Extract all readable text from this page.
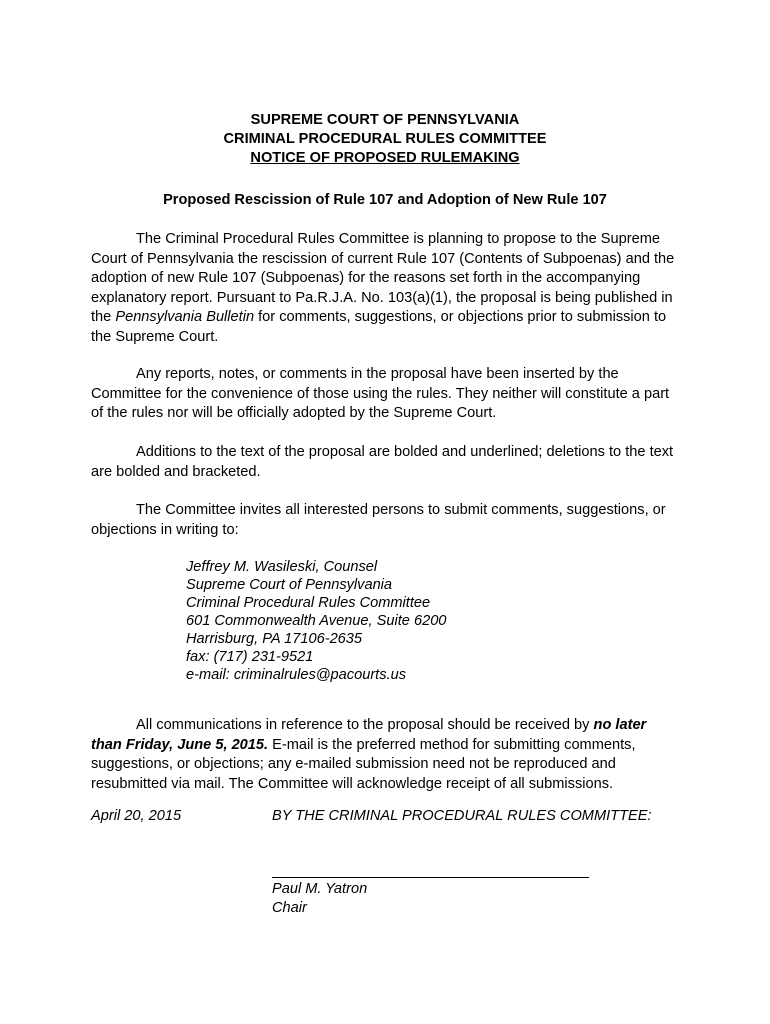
SUPREME COURT OF PENNSYLVANIA
CRIMINAL PROCEDURAL RULES COMMITTEE
NOTICE OF PROPOSED RULEMAKING
Proposed Rescission of Rule 107 and Adoption of New Rule 107

The Criminal Procedural Rules Committee is planning to propose to the Supreme Court of Pennsylvania the rescission of current Rule 107 (Contents of Subpoenas) and the adoption of new Rule 107 (Subpoenas) for the reasons set forth in the accompanying explanatory report. Pursuant to Pa.R.J.A. No. 103(a)(1), the proposal is being published in the Pennsylvania Bulletin for comments, suggestions, or objections prior to submission to the Supreme Court.

Any reports, notes, or comments in the proposal have been inserted by the Committee for the convenience of those using the rules. They neither will constitute a part of the rules nor will be officially adopted by the Supreme Court.

Additions to the text of the proposal are bolded and underlined; deletions to the text are bolded and bracketed.

The Committee invites all interested persons to submit comments, suggestions, or objections in writing to:

Jeffrey M. Wasileski, Counsel
Supreme Court of Pennsylvania
Criminal Procedural Rules Committee
601 Commonwealth Avenue, Suite 6200
Harrisburg, PA 17106-2635
fax: (717) 231-9521
e-mail: criminalrules@pacourts.us

All communications in reference to the proposal should be received by no later than Friday, June 5, 2015. E-mail is the preferred method for submitting comments, suggestions, or objections; any e-mailed submission need not be reproduced and resubmitted via mail. The Committee will acknowledge receipt of all submissions.

April 20, 2015	BY THE CRIMINAL PROCEDURAL RULES COMMITTEE:
Paul M. Yatron
Chair
